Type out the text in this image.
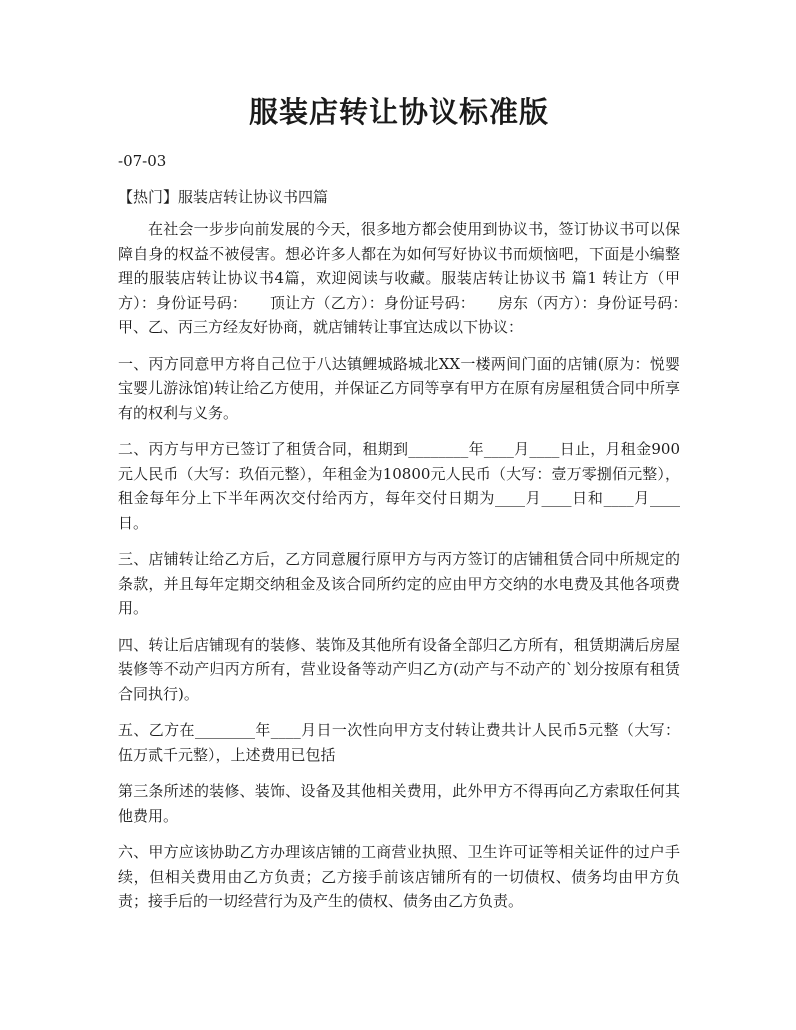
服装店转让协议标准版

-07-03

【热门】服装店转让协议书四篇

在社会一步步向前发展的今天，很多地方都会使用到协议书，签订协议书可以保障自身的权益不被侵害。想必许多人都在为如何写好协议书而烦恼吧，下面是小编整理的服装店转让协议书4篇，欢迎阅读与收藏。服装店转让协议书 篇1 转让方（甲方）：身份证号码：　　顶让方（乙方）：身份证号码：　　房东（丙方）：身份证号码：　　甲、乙、丙三方经友好协商，就店铺转让事宜达成以下协议：

一、丙方同意甲方将自己位于八达镇鲤城路城北XX一楼两间门面的店铺(原为：悦婴宝婴儿游泳馆)转让给乙方使用，并保证乙方同等享有甲方在原有房屋租赁合同中所享有的权利与义务。

二、丙方与甲方已签订了租赁合同，租期到________年____月____日止，月租金900元人民币（大写：玖佰元整），年租金为10800元人民币（大写：壹万零捌佰元整），租金每年分上下半年两次交付给丙方，每年交付日期为____月____日和____月____日。

三、店铺转让给乙方后，乙方同意履行原甲方与丙方签订的店铺租赁合同中所规定的条款，并且每年定期交纳租金及该合同所约定的应由甲方交纳的水电费及其他各项费用。

四、转让后店铺现有的装修、装饰及其他所有设备全部归乙方所有，租赁期满后房屋装修等不动产归丙方所有，营业设备等动产归乙方(动产与不动产的`划分按原有租赁合同执行)。

五、乙方在________年____月日一次性向甲方支付转让费共计人民币5元整（大写：伍万贰千元整），上述费用已包括

第三条所述的装修、装饰、设备及其他相关费用，此外甲方不得再向乙方索取任何其他费用。

六、甲方应该协助乙方办理该店铺的工商营业执照、卫生许可证等相关证件的过户手续，但相关费用由乙方负责；乙方接手前该店铺所有的一切债权、债务均由甲方负责；接手后的一切经营行为及产生的债权、债务由乙方负责。
